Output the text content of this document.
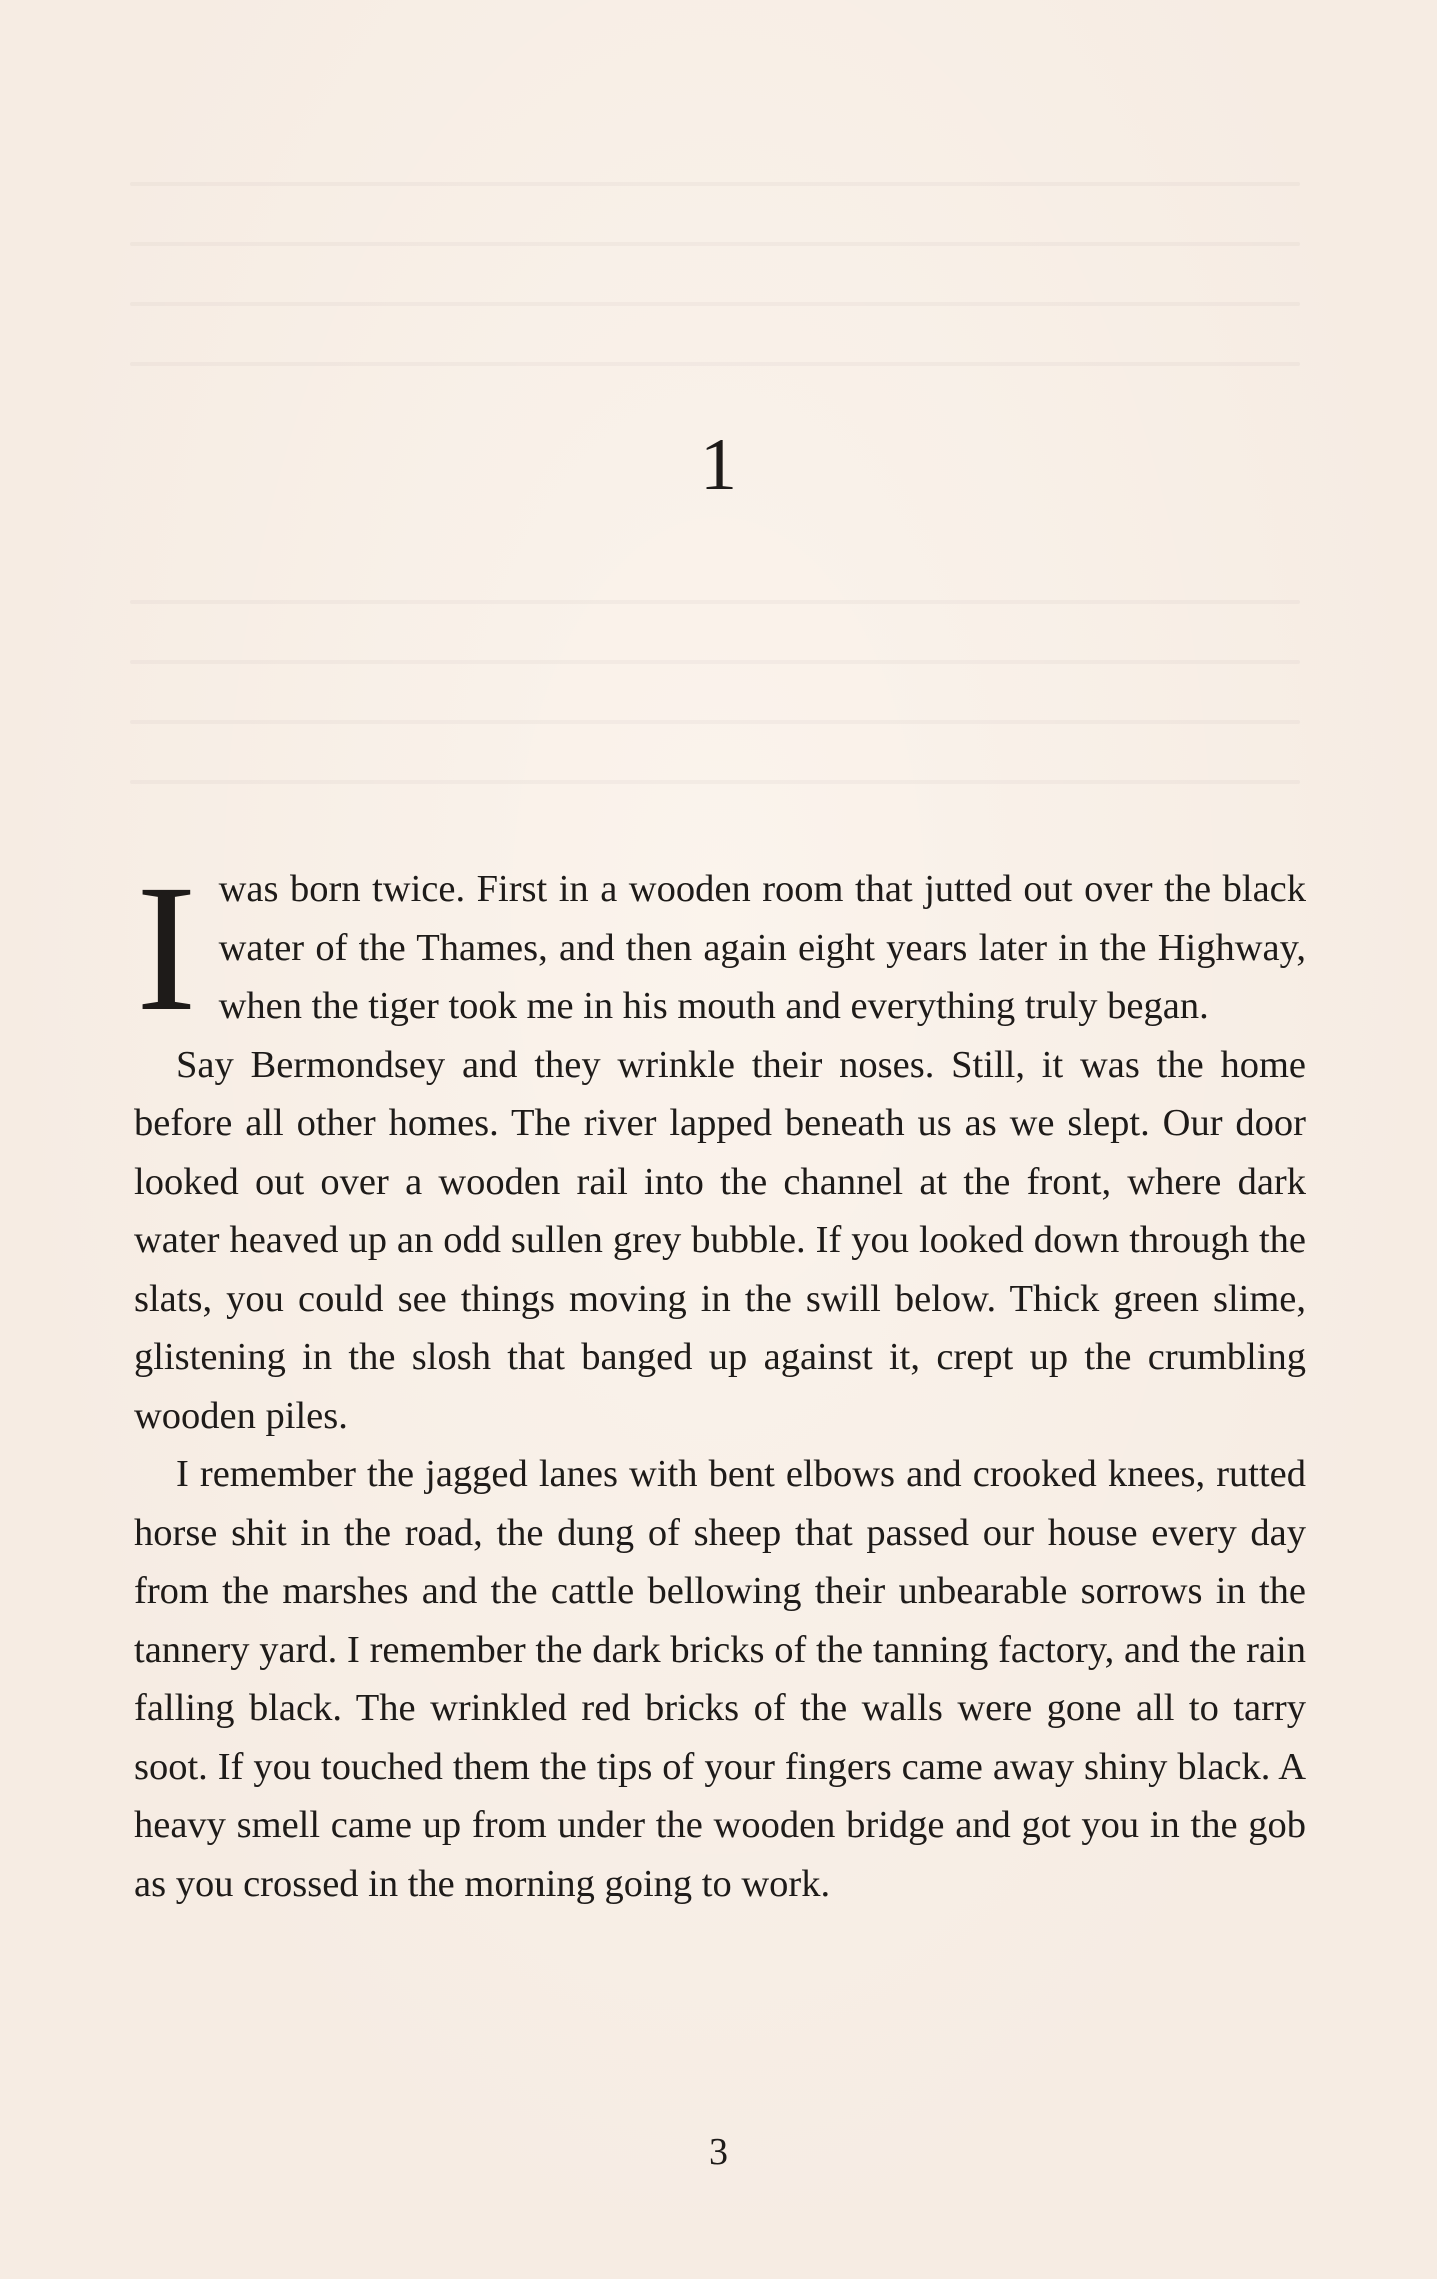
1

I was born twice. First in a wooden room that jutted out over the black water of the Thames, and then again eight years later in the Highway, when the tiger took me in his mouth and everything truly began.

Say Bermondsey and they wrinkle their noses. Still, it was the home before all other homes. The river lapped beneath us as we slept. Our door looked out over a wooden rail into the channel at the front, where dark water heaved up an odd sullen grey bubble. If you looked down through the slats, you could see things moving in the swill below. Thick green slime, glistening in the slosh that banged up against it, crept up the crumbling wooden piles.

I remember the jagged lanes with bent elbows and crooked knees, rutted horse shit in the road, the dung of sheep that passed our house every day from the marshes and the cattle bellowing their unbearable sorrows in the tannery yard. I remember the dark bricks of the tanning factory, and the rain falling black. The wrinkled red bricks of the walls were gone all to tarry soot. If you touched them the tips of your fingers came away shiny black. A heavy smell came up from under the wooden bridge and got you in the gob as you crossed in the morning going to work.

3
